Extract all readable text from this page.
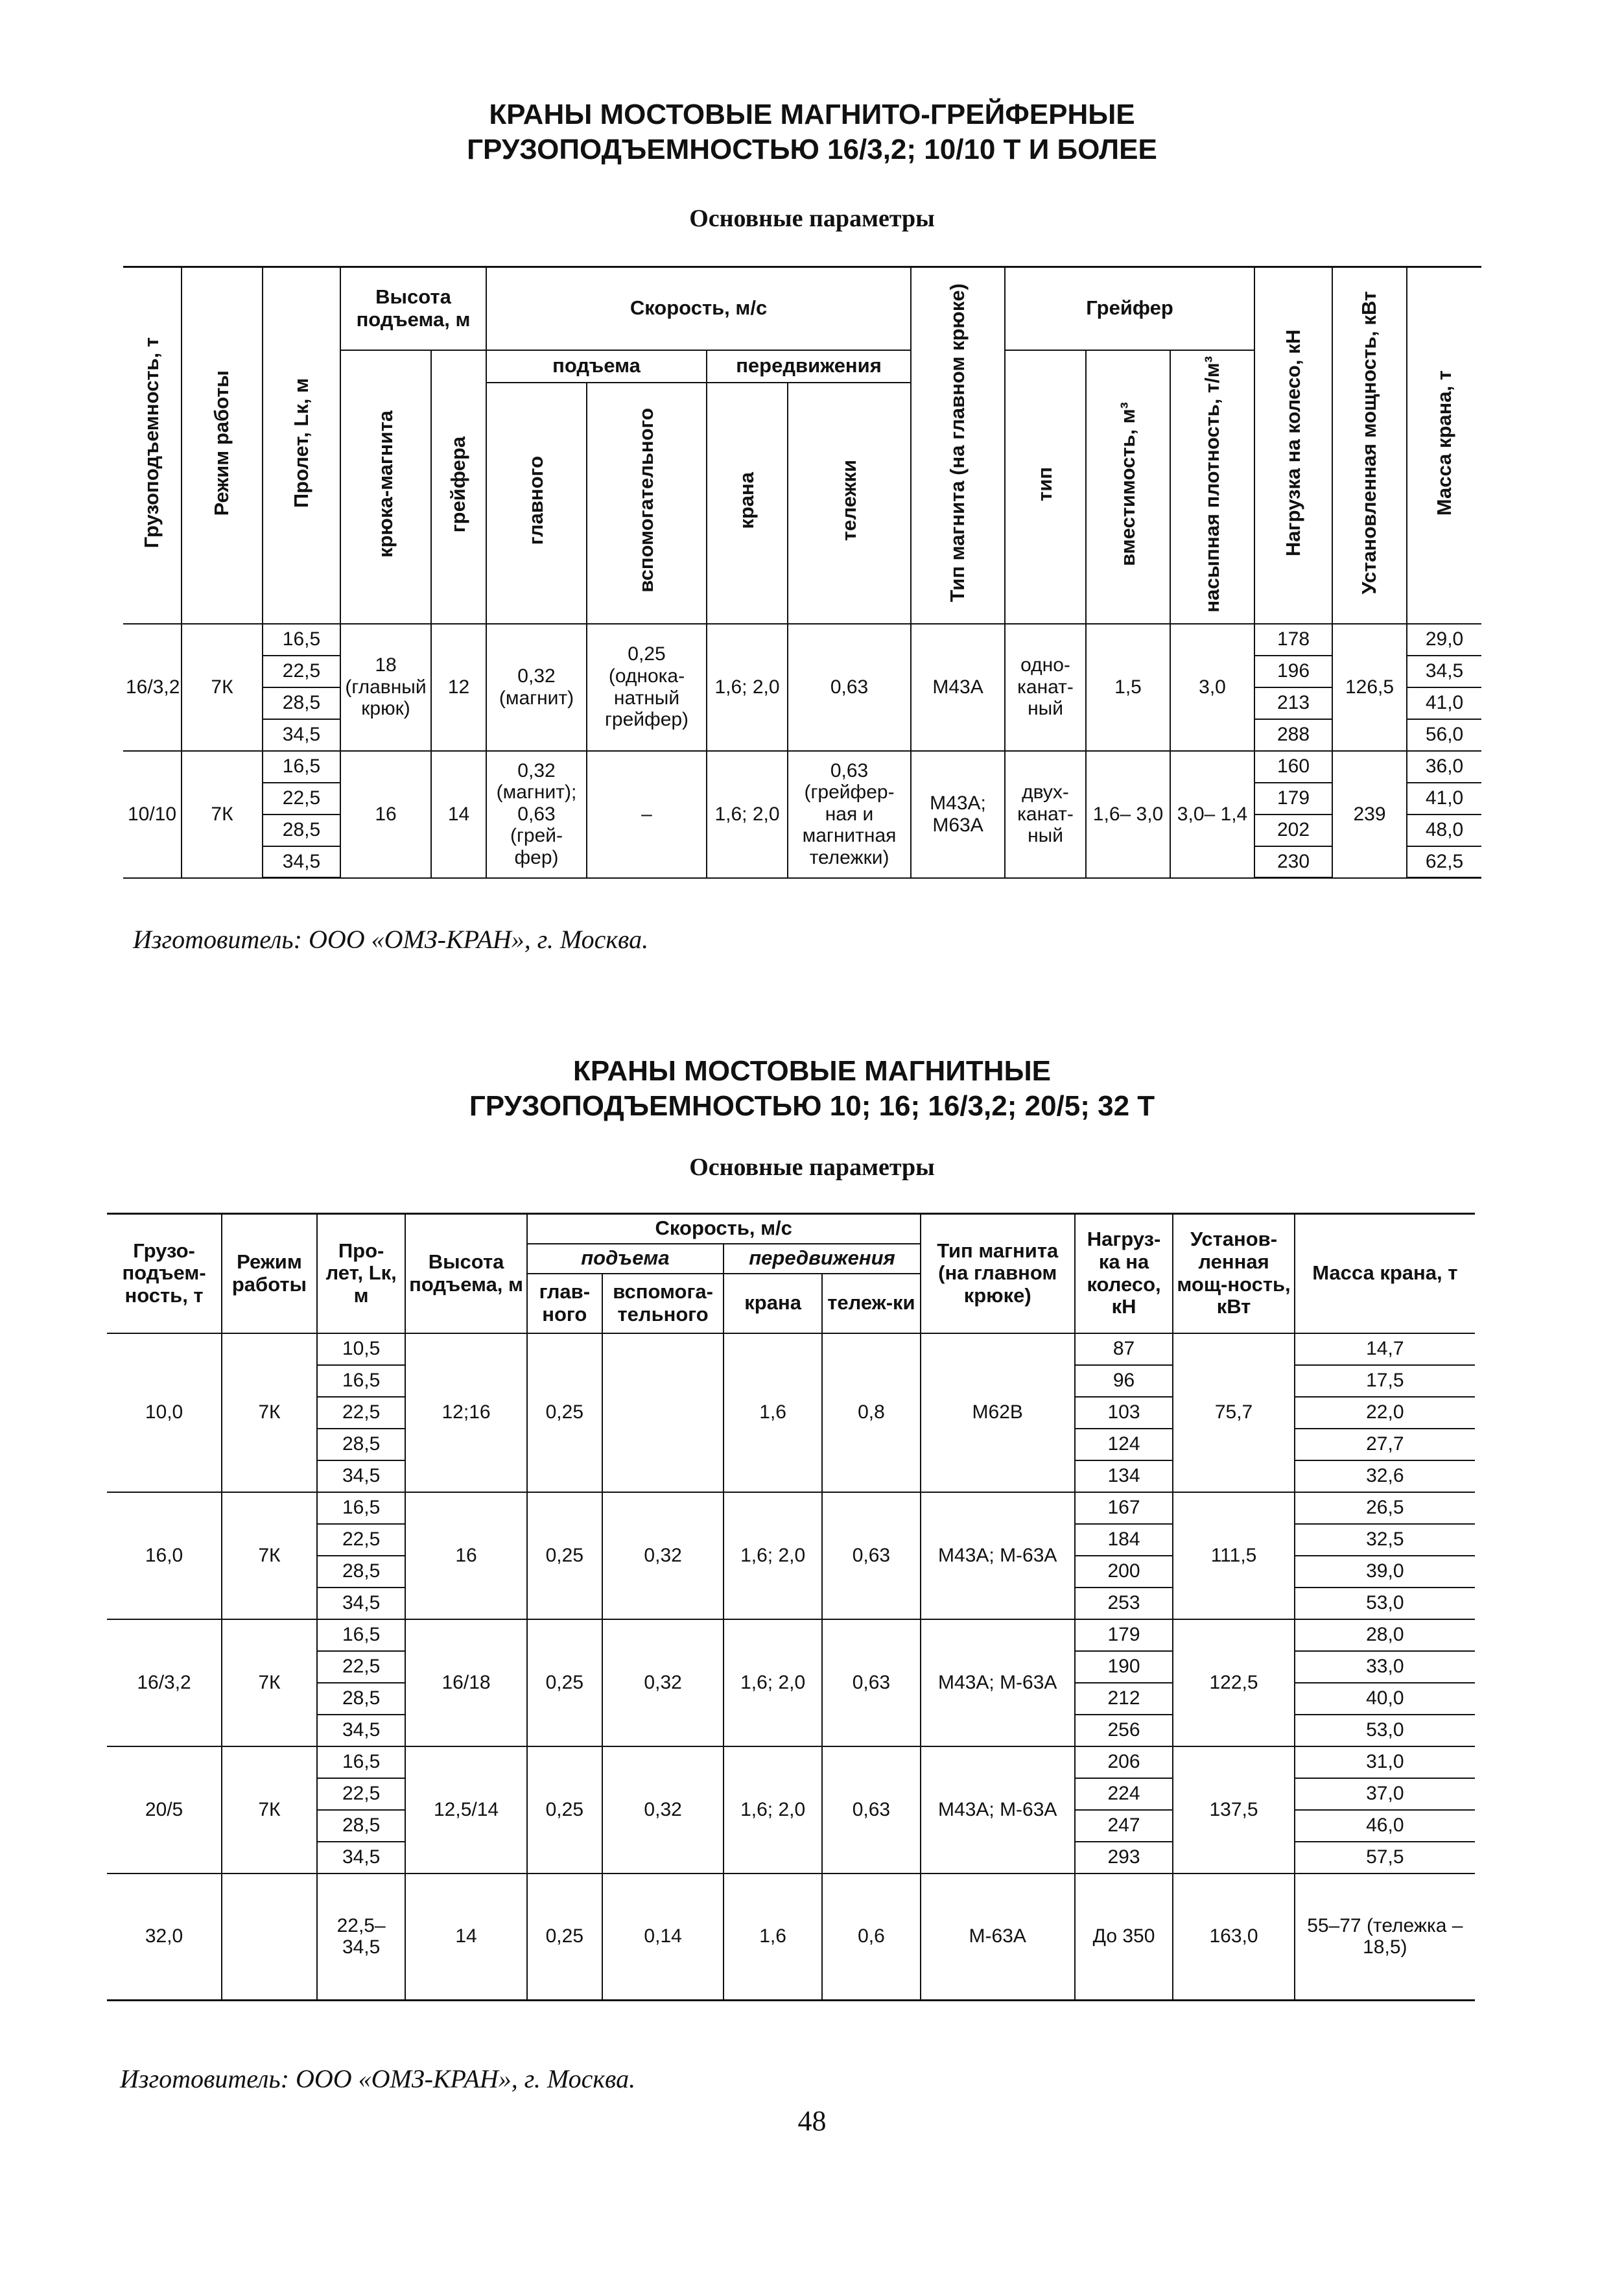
КРАНЫ МОСТОВЫЕ МАГНИТО-ГРЕЙФЕРНЫЕ
ГРУЗОПОДЪЕМНОСТЬЮ 16/3,2; 10/10 Т И БОЛЕЕ
Основные параметры
Грузоподъемность, т	Режим работы	Пролет, Lк, м	Высота подъема, м		Скорость, м/с				Тип магнита (на главном крюке)	Грейфер			Нагрузка на колесо, кН	Установленная мощность, кВт	Масса крана, т
			крюка-магнита	грейфера	подъема		передвижения			тип	вместимость, м³	насыпная плотность, т/м³			
					главного	вспомогательного	крана	тележки							
16/3,2	7К	16,5	18 (главный крюк)	12	0,32 (магнит)	0,25 (однока-натный грейфер)	1,6; 2,0	0,63	М43А	одно-канат-ный	1,5	3,0	178	126,5	29,0
		22,5											196		34,5
		28,5											213		41,0
		34,5											288		56,0
10/10	7К	16,5	16	14	0,32 (магнит); 0,63 (грей-фер)	–	1,6; 2,0	0,63 (грейфер-ная и магнитная тележки)	М43А; М63А	двух-канат-ный	1,6– 3,0	3,0– 1,4	160	239	36,0
		22,5											179		41,0
		28,5											202		48,0
		34,5											230		62,5
Изготовитель: ООО «ОМЗ-КРАН», г. Москва.
КРАНЫ МОСТОВЫЕ МАГНИТНЫЕ
ГРУЗОПОДЪЕМНОСТЬЮ 10; 16; 16/3,2; 20/5; 32 Т
Основные параметры
Грузо-подъем-ность, т	Режим работы	Про-лет, Lк, м	Высота подъема, м	Скорость, м/с				Тип магнита (на главном крюке)	Нагруз-ка на колесо, кН	Установ-ленная мощ-ность, кВт	Масса крана, т
				подъема		передвижения					
				глав-ного	вспомога-тельного	крана	тележ-ки				
10,0	7К	10,5	12;16	0,25		1,6	0,8	М62В	87	75,7	14,7
		16,5							96		17,5
		22,5							103		22,0
		28,5							124		27,7
		34,5							134		32,6
16,0	7К	16,5	16	0,25	0,32	1,6; 2,0	0,63	М43А; М-63А	167	111,5	26,5
		22,5							184		32,5
		28,5							200		39,0
		34,5							253		53,0
16/3,2	7К	16,5	16/18	0,25	0,32	1,6; 2,0	0,63	М43А; М-63А	179	122,5	28,0
		22,5							190		33,0
		28,5							212		40,0
		34,5							256		53,0
20/5	7К	16,5	12,5/14	0,25	0,32	1,6; 2,0	0,63	М43А; М-63А	206	137,5	31,0
		22,5							224		37,0
		28,5							247		46,0
		34,5							293		57,5
32,0		22,5– 34,5	14	0,25	0,14	1,6	0,6	М-63А	До 350	163,0	55–77 (тележка –18,5)
Изготовитель: ООО «ОМЗ-КРАН», г. Москва.
48
